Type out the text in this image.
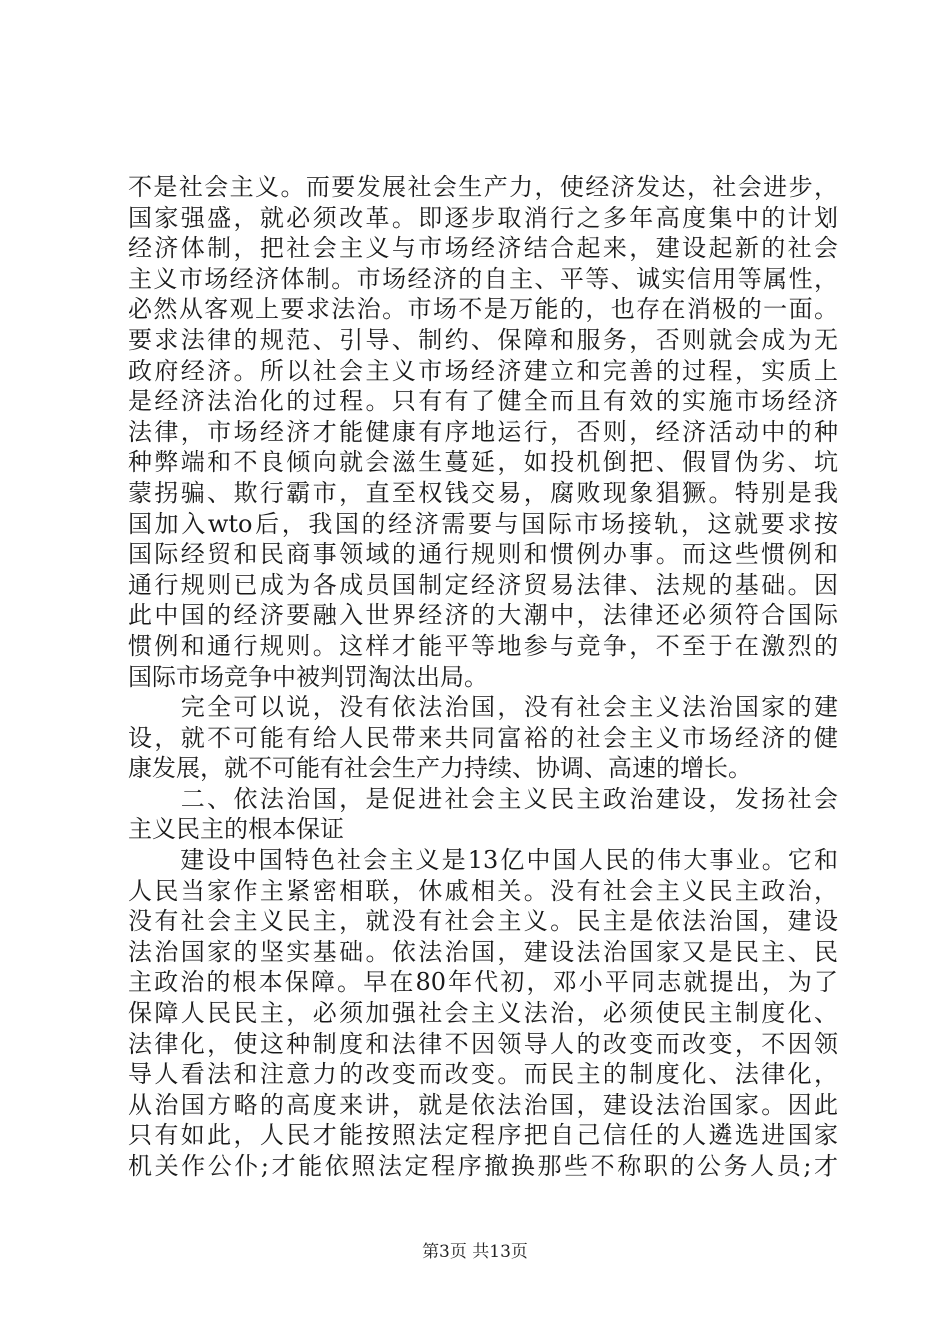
不是社会主义。而要发展社会生产力，使经济发达，社会进步，
国家强盛，就必须改革。即逐步取消行之多年高度集中的计划
经济体制，把社会主义与市场经济结合起来，建设起新的社会
主义市场经济体制。市场经济的自主、平等、诚实信用等属性，
必然从客观上要求法治。市场不是万能的，也存在消极的一面。
要求法律的规范、引导、制约、保障和服务，否则就会成为无
政府经济。所以社会主义市场经济建立和完善的过程，实质上
是经济法治化的过程。只有有了健全而且有效的实施市场经济
法律，市场经济才能健康有序地运行，否则，经济活动中的种
种弊端和不良倾向就会滋生蔓延，如投机倒把、假冒伪劣、坑
蒙拐骗、欺行霸市，直至权钱交易，腐败现象猖獗。特别是我
国加入wto后，我国的经济需要与国际市场接轨，这就要求按
国际经贸和民商事领域的通行规则和惯例办事。而这些惯例和
通行规则已成为各成员国制定经济贸易法律、法规的基础。因
此中国的经济要融入世界经济的大潮中，法律还必须符合国际
惯例和通行规则。这样才能平等地参与竞争，不至于在激烈的
国际市场竞争中被判罚淘汰出局。
　　完全可以说，没有依法治国，没有社会主义法治国家的建
设，就不可能有给人民带来共同富裕的社会主义市场经济的健
康发展，就不可能有社会生产力持续、协调、高速的增长。
　　二、依法治国，是促进社会主义民主政治建设，发扬社会
主义民主的根本保证
　　建设中国特色社会主义是13亿中国人民的伟大事业。它和
人民当家作主紧密相联，休戚相关。没有社会主义民主政治，
没有社会主义民主，就没有社会主义。民主是依法治国，建设
法治国家的坚实基础。依法治国，建设法治国家又是民主、民
主政治的根本保障。早在80年代初，邓小平同志就提出，为了
保障人民民主，必须加强社会主义法治，必须使民主制度化、
法律化，使这种制度和法律不因领导人的改变而改变，不因领
导人看法和注意力的改变而改变。而民主的制度化、法律化，
从治国方略的高度来讲，就是依法治国，建设法治国家。因此
只有如此，人民才能按照法定程序把自己信任的人遴选进国家
机关作公仆;才能依照法定程序撤换那些不称职的公务人员;才
第3页 共13页
